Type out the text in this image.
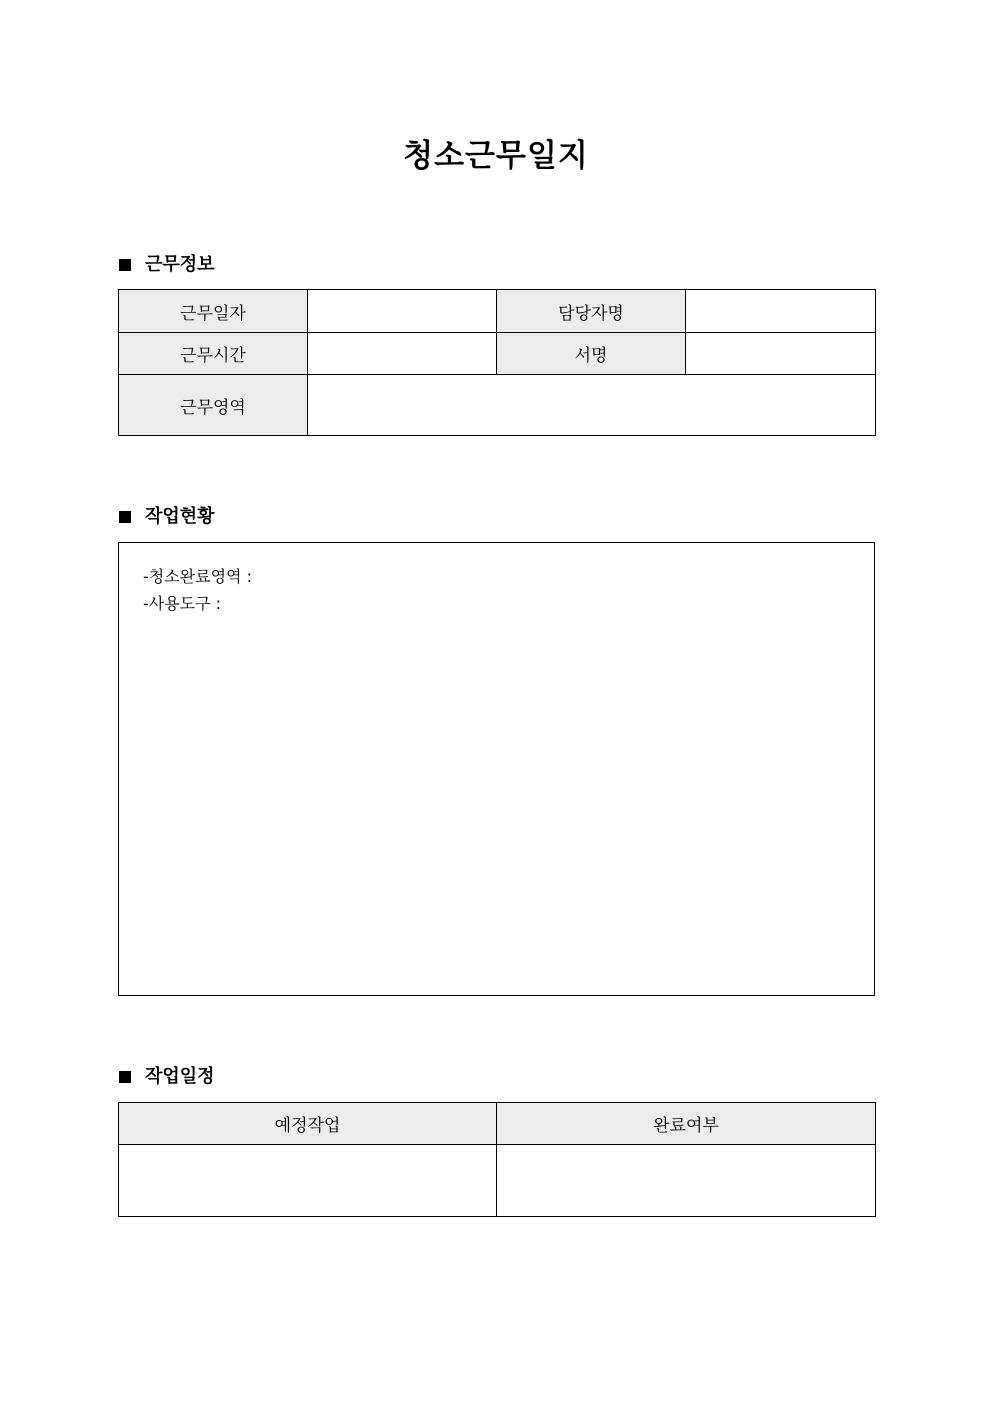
청소근무일지
근무정보
근무일자		담당자명	
근무시간		서명	
근무영역			
작업현황
-청소완료영역 :
-사용도구 :
작업일정
예정작업	완료여부
